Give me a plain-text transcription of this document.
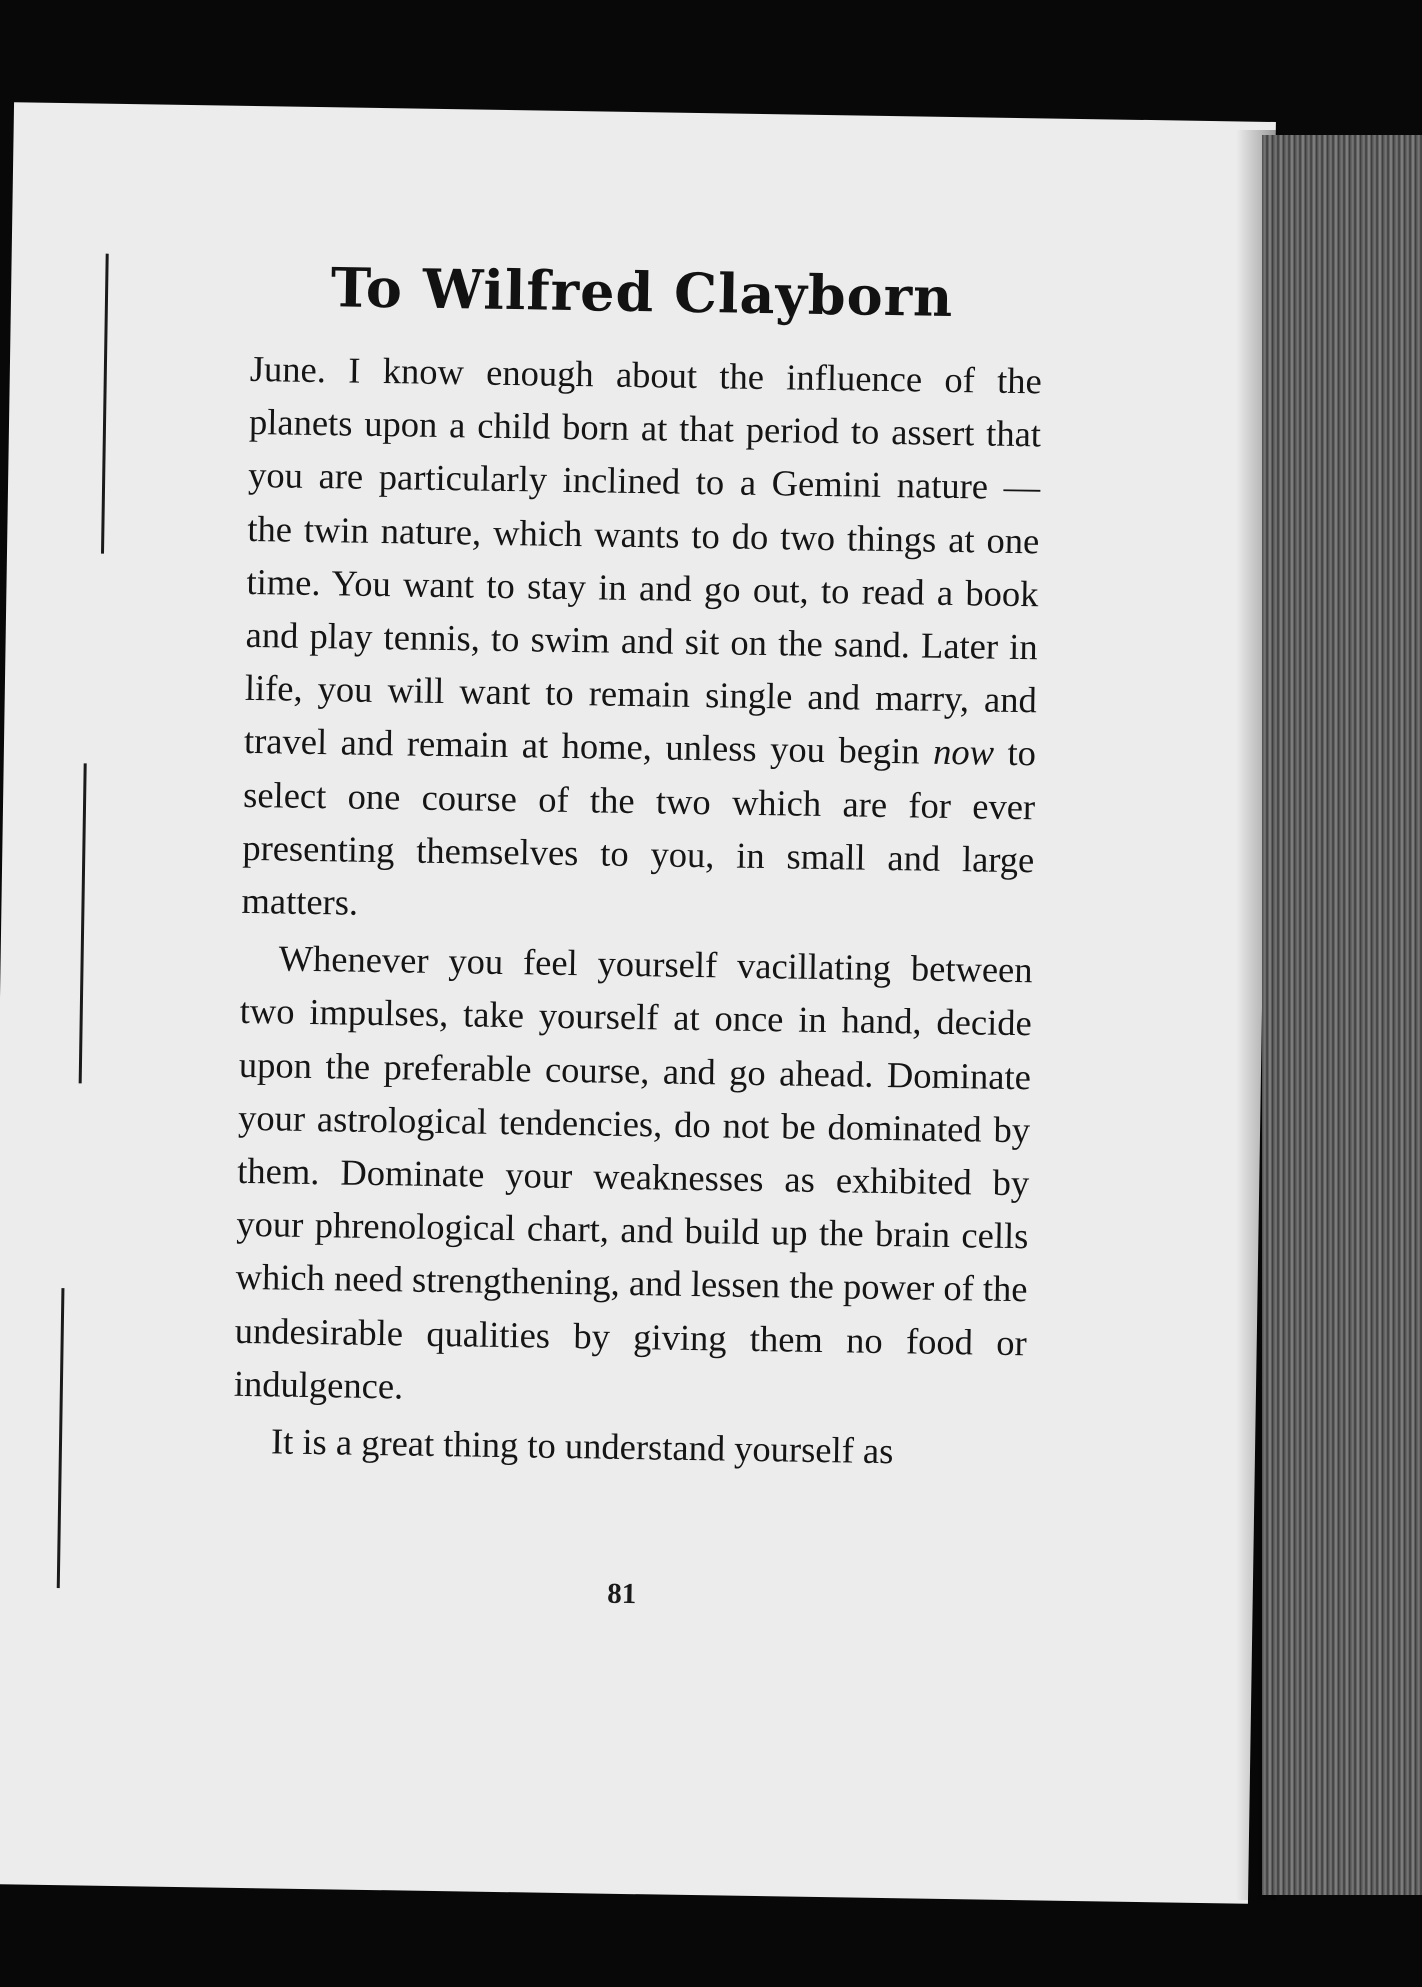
To Wilfred Clayborn

June. I know enough about the influence of the planets upon a child born at that period to assert that you are particularly inclined to a Gemini nature — the twin nature, which wants to do two things at one time. You want to stay in and go out, to read a book and play tennis, to swim and sit on the sand. Later in life, you will want to remain single and marry, and travel and remain at home, unless you begin now to select one course of the two which are for ever presenting themselves to you, in small and large matters.

Whenever you feel yourself vacillating between two impulses, take yourself at once in hand, decide upon the preferable course, and go ahead. Dominate your astrological tendencies, do not be dominated by them. Dominate your weaknesses as exhibited by your phrenological chart, and build up the brain cells which need strengthening, and lessen the power of the undesirable qualities by giving them no food or indulgence.

It is a great thing to understand yourself as

81
